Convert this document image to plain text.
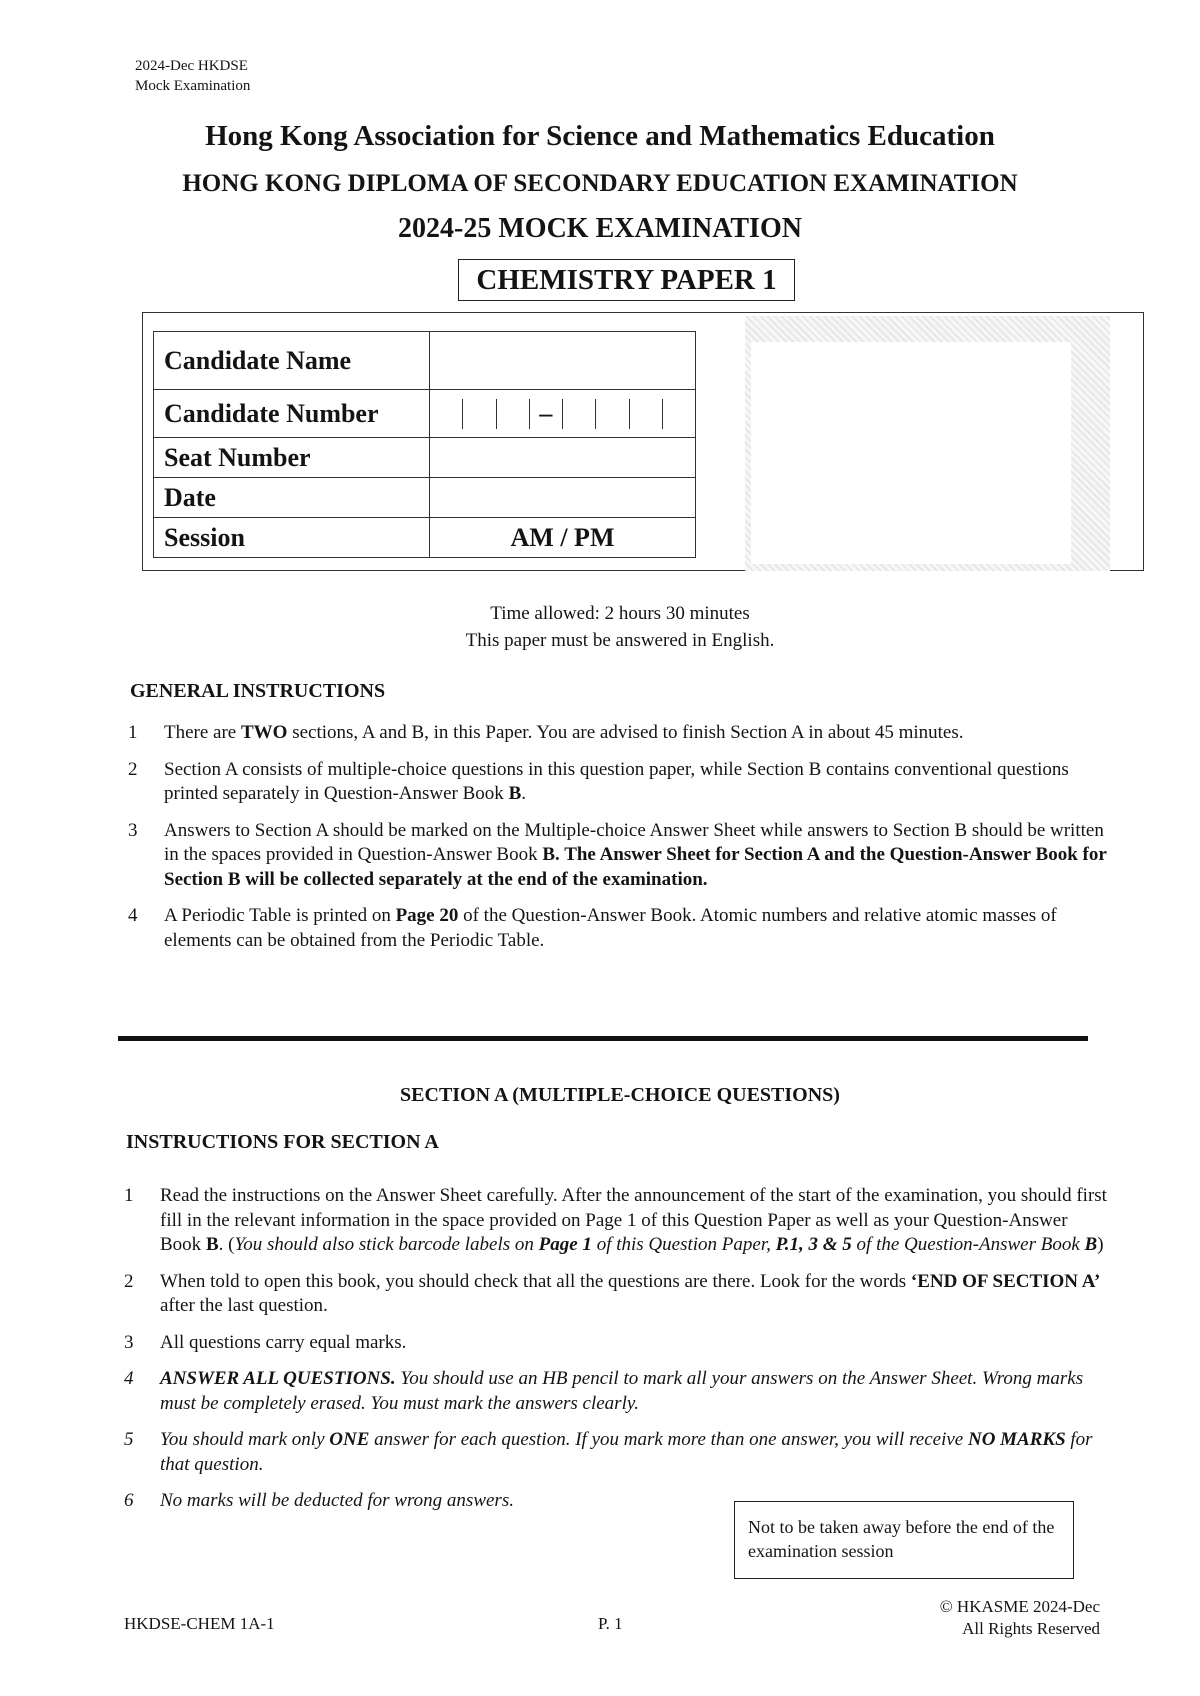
2024-Dec HKDSE
Mock Examination
Hong Kong Association for Science and Mathematics Education
HONG KONG DIPLOMA OF SECONDARY EDUCATION EXAMINATION
2024-25 MOCK EXAMINATION
CHEMISTRY PAPER 1
Candidate Name	
Candidate Number	–

Seat Number	

Date	
Session	AM / PM
Time allowed: 2 hours 30 minutes
This paper must be answered in English.
GENERAL INSTRUCTIONS
1 There are TWO sections, A and B, in this Paper. You are advised to finish Section A in about 45 minutes.
2 Section A consists of multiple-choice questions in this question paper, while Section B contains conventional questions printed separately in Question-Answer Book B.
3 Answers to Section A should be marked on the Multiple-choice Answer Sheet while answers to Section B should be written in the spaces provided in Question-Answer Book B. The Answer Sheet for Section A and the Question-Answer Book for Section B will be collected separately at the end of the examination.
4 A Periodic Table is printed on Page 20 of the Question-Answer Book. Atomic numbers and relative atomic masses of elements can be obtained from the Periodic Table.
SECTION A (MULTIPLE-CHOICE QUESTIONS)
INSTRUCTIONS FOR SECTION A
1 Read the instructions on the Answer Sheet carefully. After the announcement of the start of the examination, you should first fill in the relevant information in the space provided on Page 1 of this Question Paper as well as your Question-Answer Book B. (You should also stick barcode labels on Page 1 of this Question Paper, P.1, 3 & 5 of the Question-Answer Book B)
2 When told to open this book, you should check that all the questions are there. Look for the words ‘END OF SECTION A’ after the last question.
3 All questions carry equal marks.
4 ANSWER ALL QUESTIONS. You should use an HB pencil to mark all your answers on the Answer Sheet. Wrong marks must be completely erased. You must mark the answers clearly.
5 You should mark only ONE answer for each question. If you mark more than one answer, you will receive NO MARKS for that question.
6 No marks will be deducted for wrong answers.
Not to be taken away before the end of the examination session
HKDSE-CHEM 1A-1	P. 1
© HKASME 2024-Dec
All Rights Reserved
